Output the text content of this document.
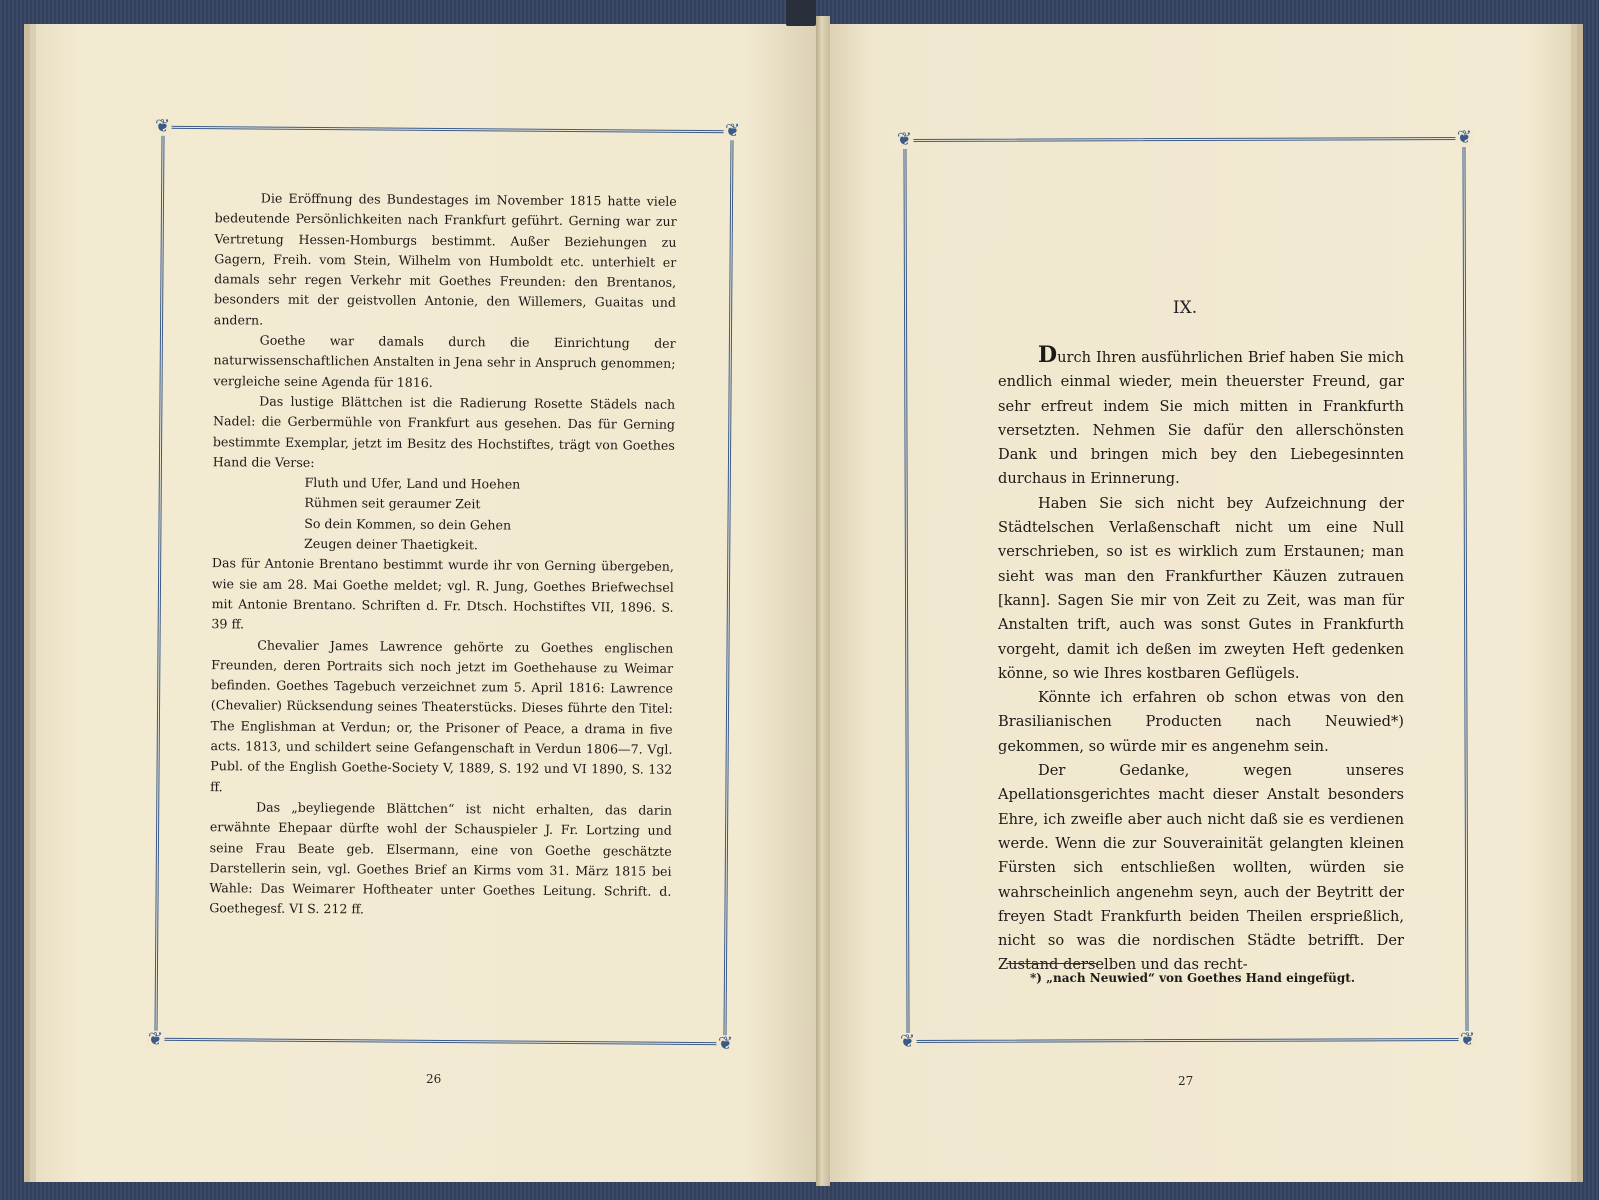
❦	❦
❦	❦
❦	❦
❦	❦

Die Eröffnung des Bundestages im November 1815 hatte viele bedeutende Persönlichkeiten nach Frankfurt geführt. Gerning war zur Vertretung Hessen-Homburgs bestimmt. Außer Beziehungen zu Gagern, Freih. vom Stein, Wilhelm von Humboldt etc. unterhielt er damals sehr regen Verkehr mit Goethes Freunden: den Brentanos, besonders mit der geistvollen Antonie, den Willemers, Guaitas und andern.

Goethe war damals durch die Einrichtung der naturwissenschaftlichen Anstalten in Jena sehr in Anspruch genommen; vergleiche seine Agenda für 1816.

Das lustige Blättchen ist die Radierung Rosette Städels nach Nadel: die Gerbermühle von Frankfurt aus gesehen. Das für Gerning bestimmte Exemplar, jetzt im Besitz des Hochstiftes, trägt von Goethes Hand die Verse:

Fluth und Ufer, Land und Hoehen
Rühmen seit geraumer Zeit
So dein Kommen, so dein Gehen
Zeugen deiner Thaetigkeit.

Das für Antonie Brentano bestimmt wurde ihr von Gerning übergeben, wie sie am 28. Mai Goethe meldet; vgl. R. Jung, Goethes Briefwechsel mit Antonie Brentano. Schriften d. Fr. Dtsch. Hochstiftes VII, 1896. S. 39 ff.

Chevalier James Lawrence gehörte zu Goethes englischen Freunden, deren Portraits sich noch jetzt im Goethehause zu Weimar befinden. Goethes Tagebuch verzeichnet zum 5. April 1816: Lawrence (Chevalier) Rücksendung seines Theaterstücks. Dieses führte den Titel: The Englishman at Verdun; or, the Prisoner of Peace, a drama in five acts. 1813, und schildert seine Gefangenschaft in Verdun 1806—7. Vgl. Publ. of the English Goethe-Society V, 1889, S. 192 und VI 1890, S. 132 ff.

Das „beyliegende Blättchen“ ist nicht erhalten, das darin erwähnte Ehepaar dürfte wohl der Schauspieler J. Fr. Lortzing und seine Frau Beate geb. Elsermann, eine von Goethe geschätzte Darstellerin sein, vgl. Goethes Brief an Kirms vom 31. März 1815 bei Wahle: Das Weimarer Hoftheater unter Goethes Leitung. Schrift. d. Goethegesf. VI S. 212 ff.

IX.

Durch Ihren ausführlichen Brief haben Sie mich endlich einmal wieder, mein theuerster Freund, gar sehr erfreut indem Sie mich mitten in Frankfurth versetzten. Nehmen Sie dafür den allerschönsten Dank und bringen mich bey den Liebegesinnten durchaus in Erinnerung.

Haben Sie sich nicht bey Aufzeichnung der Städtelschen Verlaßenschaft nicht um eine Null verschrieben, so ist es wirklich zum Erstaunen; man sieht was man den Frankfurther Käuzen zutrauen [kann]. Sagen Sie mir von Zeit zu Zeit, was man für Anstalten trift, auch was sonst Gutes in Frankfurth vorgeht, damit ich deßen im zweyten Heft gedenken könne, so wie Ihres kostbaren Geflügels.

Könnte ich erfahren ob schon etwas von den Brasilianischen Producten nach Neuwied*) gekommen, so würde mir es angenehm sein.

Der Gedanke, wegen unseres Apellationsgerichtes macht dieser Anstalt besonders Ehre, ich zweifle aber auch nicht daß sie es verdienen werde. Wenn die zur Souverainität gelangten kleinen Fürsten sich entschließen wollten, würden sie wahrscheinlich angenehm seyn, auch der Beytritt der freyen Stadt Frankfurth beiden Theilen ersprießlich, nicht so was die nordischen Städte betrifft. Der Zustand derselben und das recht-

*) „nach Neuwied“ von Goethes Hand eingefügt.
26	27
